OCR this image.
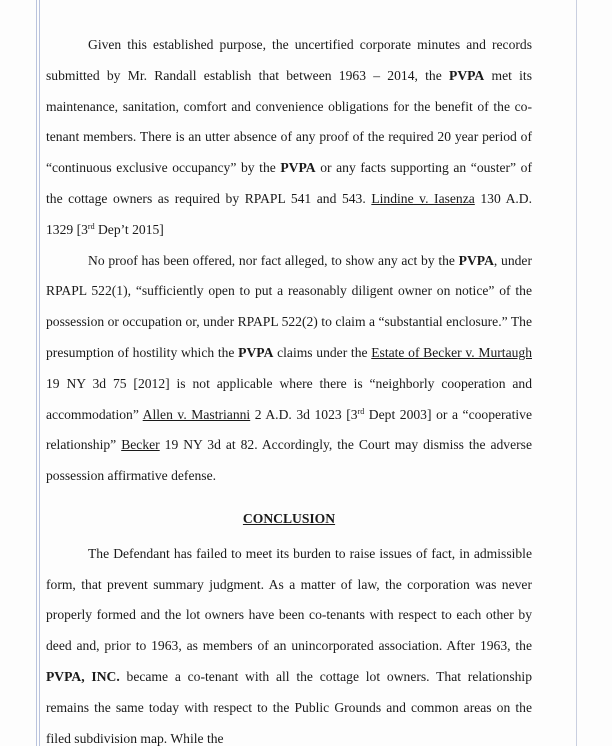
Given this established purpose, the uncertified corporate minutes and records submitted by Mr. Randall establish that between 1963 – 2014, the PVPA met its maintenance, sanitation, comfort and convenience obligations for the benefit of the co-tenant members. There is an utter absence of any proof of the required 20 year period of “continuous exclusive occupancy” by the PVPA or any facts supporting an “ouster” of the cottage owners as required by RPAPL 541 and 543. Lindine v. Iasenza 130 A.D. 1329 [3rd Dep’t 2015]

No proof has been offered, nor fact alleged, to show any act by the PVPA, under RPAPL 522(1), “sufficiently open to put a reasonably diligent owner on notice” of the possession or occupation or, under RPAPL 522(2) to claim a “substantial enclosure.” The presumption of hostility which the PVPA claims under the Estate of Becker v. Murtaugh 19 NY 3d 75 [2012] is not applicable where there is “neighborly cooperation and accommodation” Allen v. Mastrianni 2 A.D. 3d 1023 [3rd Dept 2003] or a “cooperative relationship” Becker 19 NY 3d at 82. Accordingly, the Court may dismiss the adverse possession affirmative defense.

CONCLUSION

The Defendant has failed to meet its burden to raise issues of fact, in admissible form, that prevent summary judgment. As a matter of law, the corporation was never properly formed and the lot owners have been co-tenants with respect to each other by deed and, prior to 1963, as members of an unincorporated association. After 1963, the PVPA, INC. became a co-tenant with all the cottage lot owners. That relationship remains the same today with respect to the Public Grounds and common areas on the filed subdivision map. While the
